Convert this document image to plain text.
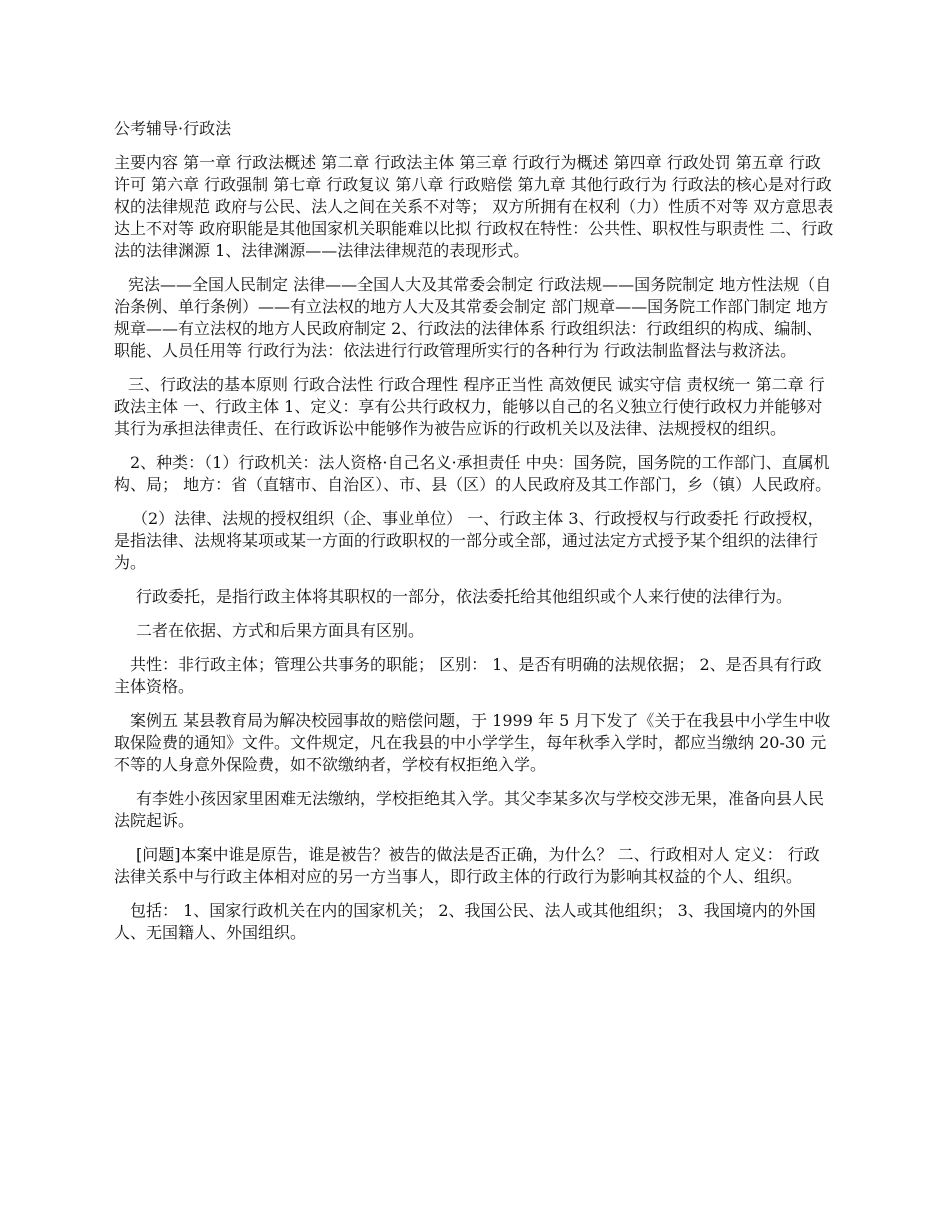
公考辅导·行政法

主要内容 第一章 行政法概述 第二章 行政法主体 第三章 行政行为概述 第四章 行政处罚 第五章 行政许可 第六章 行政强制 第七章 行政复议 第八章 行政赔偿 第九章 其他行政行为 行政法的核心是对行政权的法律规范 政府与公民、法人之间在关系不对等； 双方所拥有在权利（力）性质不对等 双方意思表达上不对等 政府职能是其他国家机关职能难以比拟 行政权在特性：公共性、职权性与职责性 二、行政法的法律渊源 1、法律渊源——法律法律规范的表现形式。

宪法——全国人民制定 法律——全国人大及其常委会制定 行政法规——国务院制定 地方性法规（自治条例、单行条例）——有立法权的地方人大及其常委会制定 部门规章——国务院工作部门制定 地方规章——有立法权的地方人民政府制定 2、行政法的法律体系 行政组织法：行政组织的构成、编制、职能、人员任用等 行政行为法：依法进行行政管理所实行的各种行为 行政法制监督法与救济法。

三、行政法的基本原则 行政合法性 行政合理性 程序正当性 高效便民 诚实守信 责权统一 第二章 行政法主体 一、行政主体 1、定义：享有公共行政权力，能够以自己的名义独立行使行政权力并能够对其行为承担法律责任、在行政诉讼中能够作为被告应诉的行政机关以及法律、法规授权的组织。

2、种类：（1）行政机关：法人资格·自己名义·承担责任 中央：国务院，国务院的工作部门、直属机构、局； 地方：省（直辖市、自治区）、市、县（区）的人民政府及其工作部门，乡（镇）人民政府。

（2）法律、法规的授权组织（企、事业单位） 一、行政主体 3、行政授权与行政委托 行政授权，是指法律、法规将某项或某一方面的行政职权的一部分或全部，通过法定方式授予某个组织的法律行为。

行政委托，是指行政主体将其职权的一部分，依法委托给其他组织或个人来行使的法律行为。

二者在依据、方式和后果方面具有区别。

共性：非行政主体；管理公共事务的职能； 区别： 1、是否有明确的法规依据； 2、是否具有行政主体资格。

案例五 某县教育局为解决校园事故的赔偿问题，于 1999 年 5 月下发了《关于在我县中小学生中收取保险费的通知》文件。文件规定，凡在我县的中小学学生，每年秋季入学时，都应当缴纳 20-30 元不等的人身意外保险费，如不欲缴纳者，学校有权拒绝入学。

有李姓小孩因家里困难无法缴纳，学校拒绝其入学。其父李某多次与学校交涉无果，准备向县人民法院起诉。

[问题]本案中谁是原告，谁是被告？被告的做法是否正确，为什么？ 二、行政相对人 定义： 行政法律关系中与行政主体相对应的另一方当事人，即行政主体的行政行为影响其权益的个人、组织。

包括： 1、国家行政机关在内的国家机关； 2、我国公民、法人或其他组织； 3、我国境内的外国人、无国籍人、外国组织。
